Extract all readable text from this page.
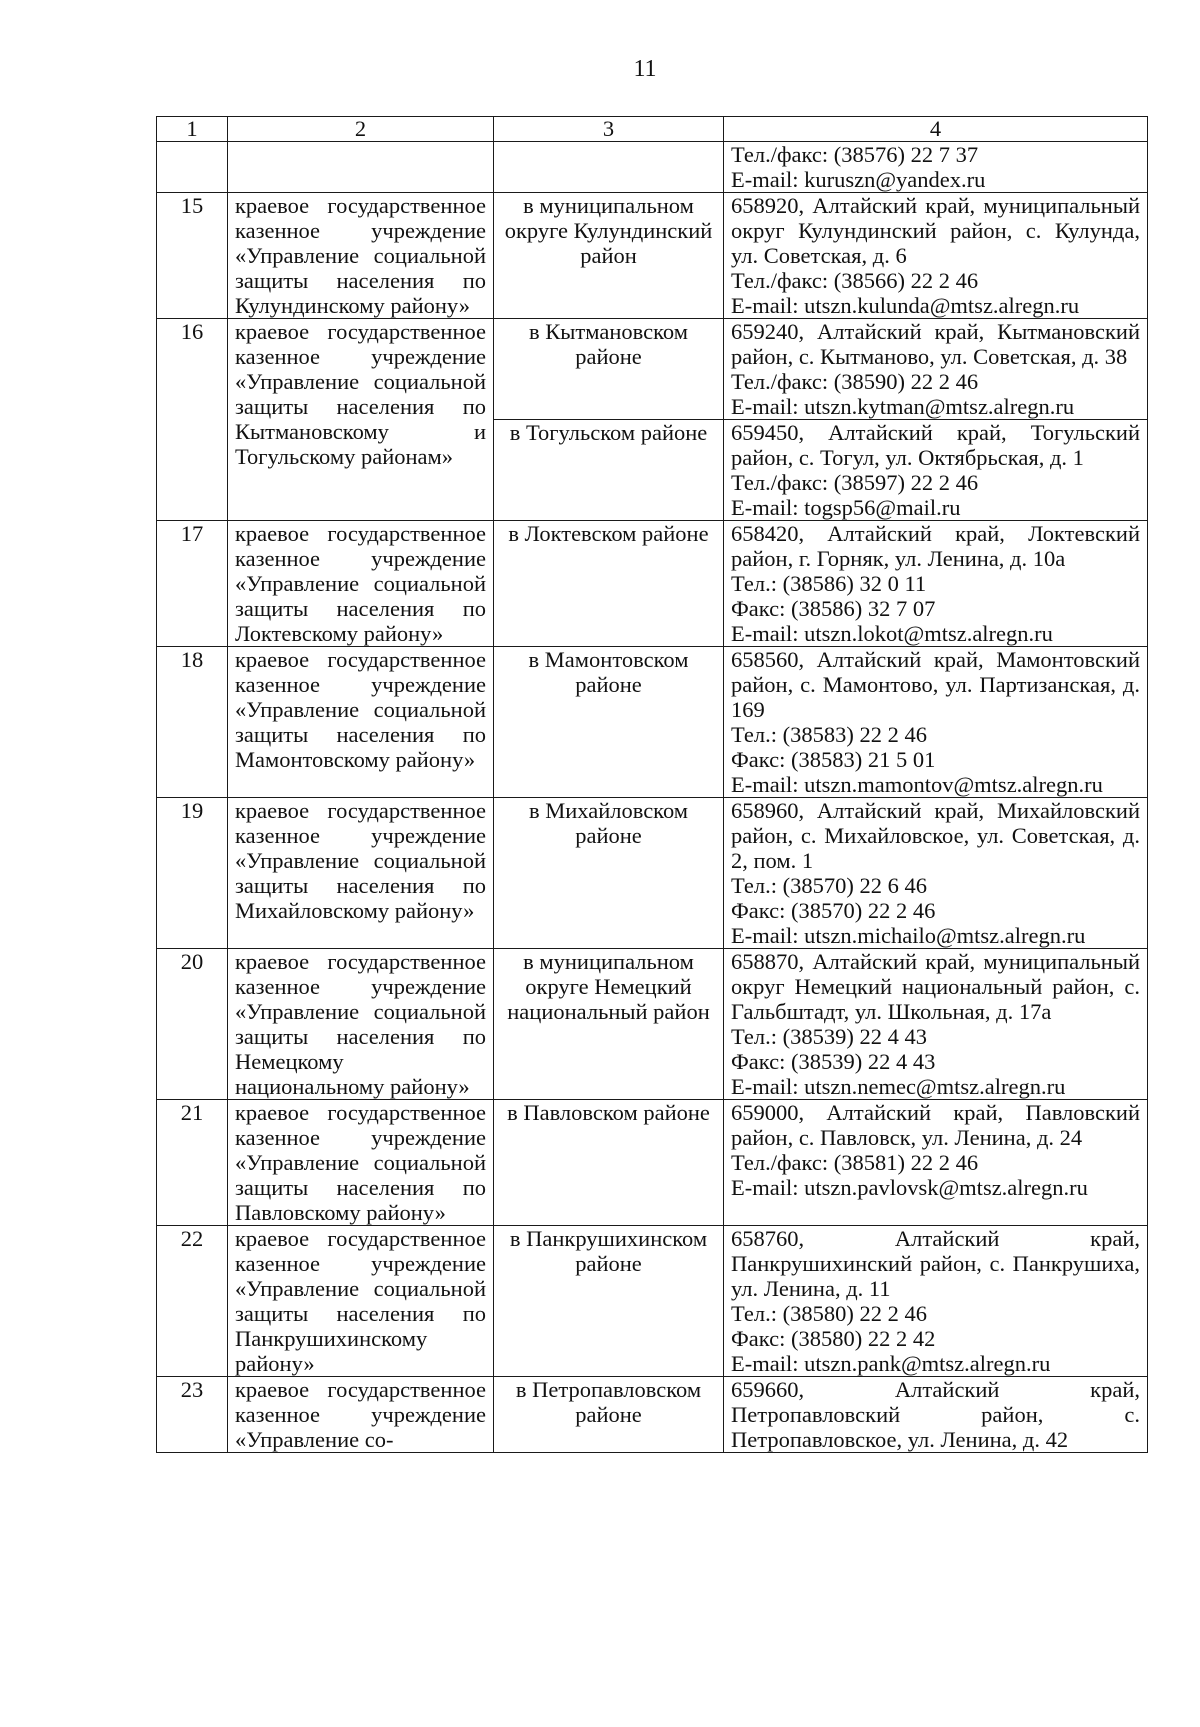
11
1	2	3	4

			Тел./факс: (38576) 22 7 37
E-mail: kuruszn@yandex.ru

15	краевое государственное казенное учреждение «Управление социальной защиты населения по Кулундинскому району»	в муниципальном округе Кулундинский район	658920, Алтайский край, муниципальный округ Кулундинский район, с. Кулунда, ул. Советская, д. 6
Тел./факс: (38566) 22 2 46
E-mail: utszn.kulunda@mtsz.alregn.ru

16	краевое государственное казенное учреждение «Управление социальной защиты населения по Кытмановскому и Тогульскому районам»	в Кытмановском районе	659240, Алтайский край, Кытмановский район, с. Кытманово, ул. Советская, д. 38
Тел./факс: (38590) 22 2 46
E-mail: utszn.kytman@mtsz.alregn.ru

		в Тогульском районе	659450, Алтайский край, Тогульский район, с. Тогул, ул. Октябрьская, д. 1
Тел./факс: (38597) 22 2 46
E-mail: togsp56@mail.ru

17	краевое государственное казенное учреждение «Управление социальной защиты населения по Локтевскому району»	в Локтевском районе	658420, Алтайский край, Локтевский район, г. Горняк, ул. Ленина, д. 10а
Тел.: (38586) 32 0 11
Факс: (38586) 32 7 07
E-mail: utszn.lokot@mtsz.alregn.ru

18	краевое государственное казенное учреждение «Управление социальной защиты населения по Мамонтовскому району»	в Мамонтовском районе	658560, Алтайский край, Мамонтовский район, с. Мамонтово, ул. Партизанская, д. 169
Тел.: (38583) 22 2 46
Факс: (38583) 21 5 01
E-mail: utszn.mamontov@mtsz.alregn.ru

19	краевое государственное казенное учреждение «Управление социальной защиты населения по Михайловскому району»	в Михайловском районе	658960, Алтайский край, Михайловский район, с. Михайловское, ул. Советская, д. 2, пом. 1
Тел.: (38570) 22 6 46
Факс: (38570) 22 2 46
E-mail: utszn.michailo@mtsz.alregn.ru

20	краевое государственное казенное учреждение «Управление социальной защиты населения по Немецкому национальному району»	в муниципальном округе Немецкий национальный район	658870, Алтайский край, муниципальный округ Немецкий национальный район, с. Гальбштадт, ул. Школьная, д. 17а
Тел.: (38539) 22 4 43
Факс: (38539) 22 4 43
E-mail: utszn.nemec@mtsz.alregn.ru

21	краевое государственное казенное учреждение «Управление социальной защиты населения по Павловскому району»	в Павловском районе	659000, Алтайский край, Павловский район, с. Павловск, ул. Ленина, д. 24
Тел./факс: (38581) 22 2 46
E-mail: utszn.pavlovsk@mtsz.alregn.ru

22	краевое государственное казенное учреждение «Управление социальной защиты населения по Панкрушихинскому району»	в Панкрушихинском районе	658760, Алтайский край, Панкрушихинский район, с. Панкрушиха, ул. Ленина, д. 11
Тел.: (38580) 22 2 46
Факс: (38580) 22 2 42
E-mail: utszn.pank@mtsz.alregn.ru

23	краевое государственное казенное учреждение «Управление со-	в Петропавловском районе	659660, Алтайский край, Петропавловский район, с. Петропавловское, ул. Ленина, д. 42
